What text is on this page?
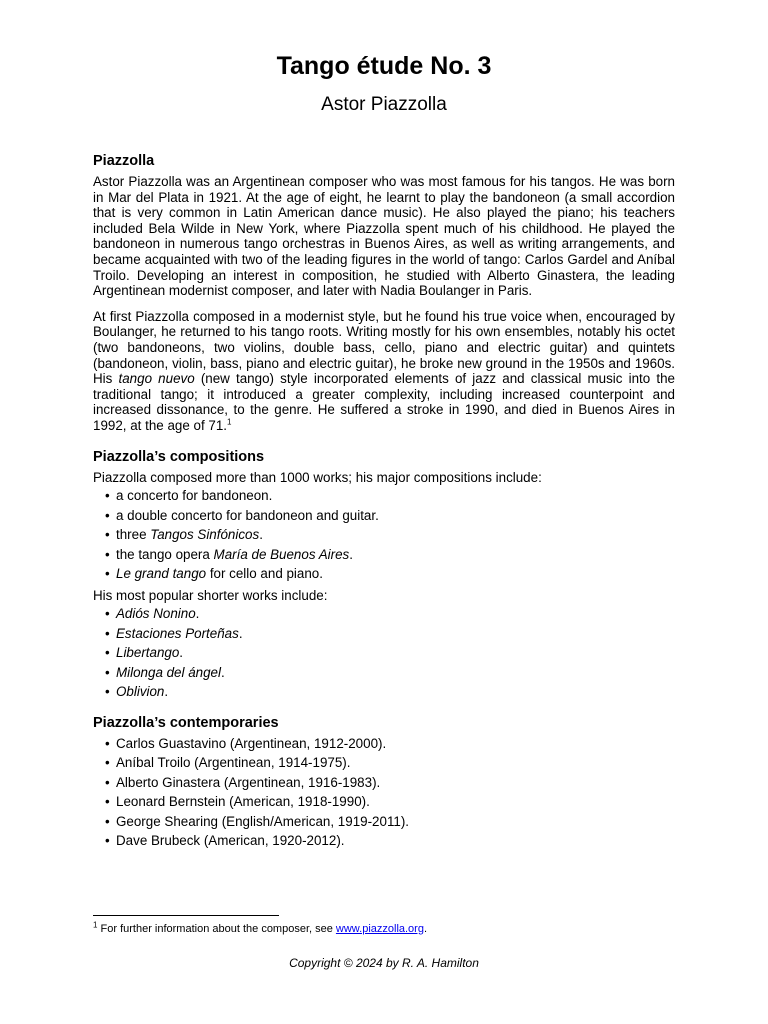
Tango étude No. 3
Astor Piazzolla
Piazzolla

Astor Piazzolla was an Argentinean composer who was most famous for his tangos. He was born in Mar del Plata in 1921. At the age of eight, he learnt to play the bandoneon (a small accordion that is very common in Latin American dance music). He also played the piano; his teachers included Bela Wilde in New York, where Piazzolla spent much of his childhood. He played the bandoneon in numerous tango orchestras in Buenos Aires, as well as writing arrangements, and became acquainted with two of the leading figures in the world of tango: Carlos Gardel and Aníbal Troilo. Developing an interest in composition, he studied with Alberto Ginastera, the leading Argentinean modernist composer, and later with Nadia Boulanger in Paris.

At first Piazzolla composed in a modernist style, but he found his true voice when, encouraged by Boulanger, he returned to his tango roots. Writing mostly for his own ensembles, notably his octet (two bandoneons, two violins, double bass, cello, piano and electric guitar) and quintets (bandoneon, violin, bass, piano and electric guitar), he broke new ground in the 1950s and 1960s. His tango nuevo (new tango) style incorporated elements of jazz and classical music into the traditional tango; it introduced a greater complexity, including increased counterpoint and increased dissonance, to the genre. He suffered a stroke in 1990, and died in Buenos Aires in 1992, at the age of 71.$^1$

Piazzolla’s compositions
Piazzolla composed more than 1000 works; his major compositions include:
• a concerto for bandoneon.
• a double concerto for bandoneon and guitar.
• three Tangos Sinfónicos.
• the tango opera María de Buenos Aires.
• Le grand tango for cello and piano.
His most popular shorter works include:
• Adiós Nonino.
• Estaciones Porteñas.
• Libertango.
• Milonga del ángel.
• Oblivion.
Piazzolla’s contemporaries
• Carlos Guastavino (Argentinean, 1912-2000).
• Aníbal Troilo (Argentinean, 1914-1975).
• Alberto Ginastera (Argentinean, 1916-1983).
• Leonard Bernstein (American, 1918-1990).
• George Shearing (English/American, 1919-2011).
• Dave Brubeck (American, 1920-2012).
$^1$ For further information about the composer, see www.piazzolla.org.
Copyright © 2024 by R. A. Hamilton
